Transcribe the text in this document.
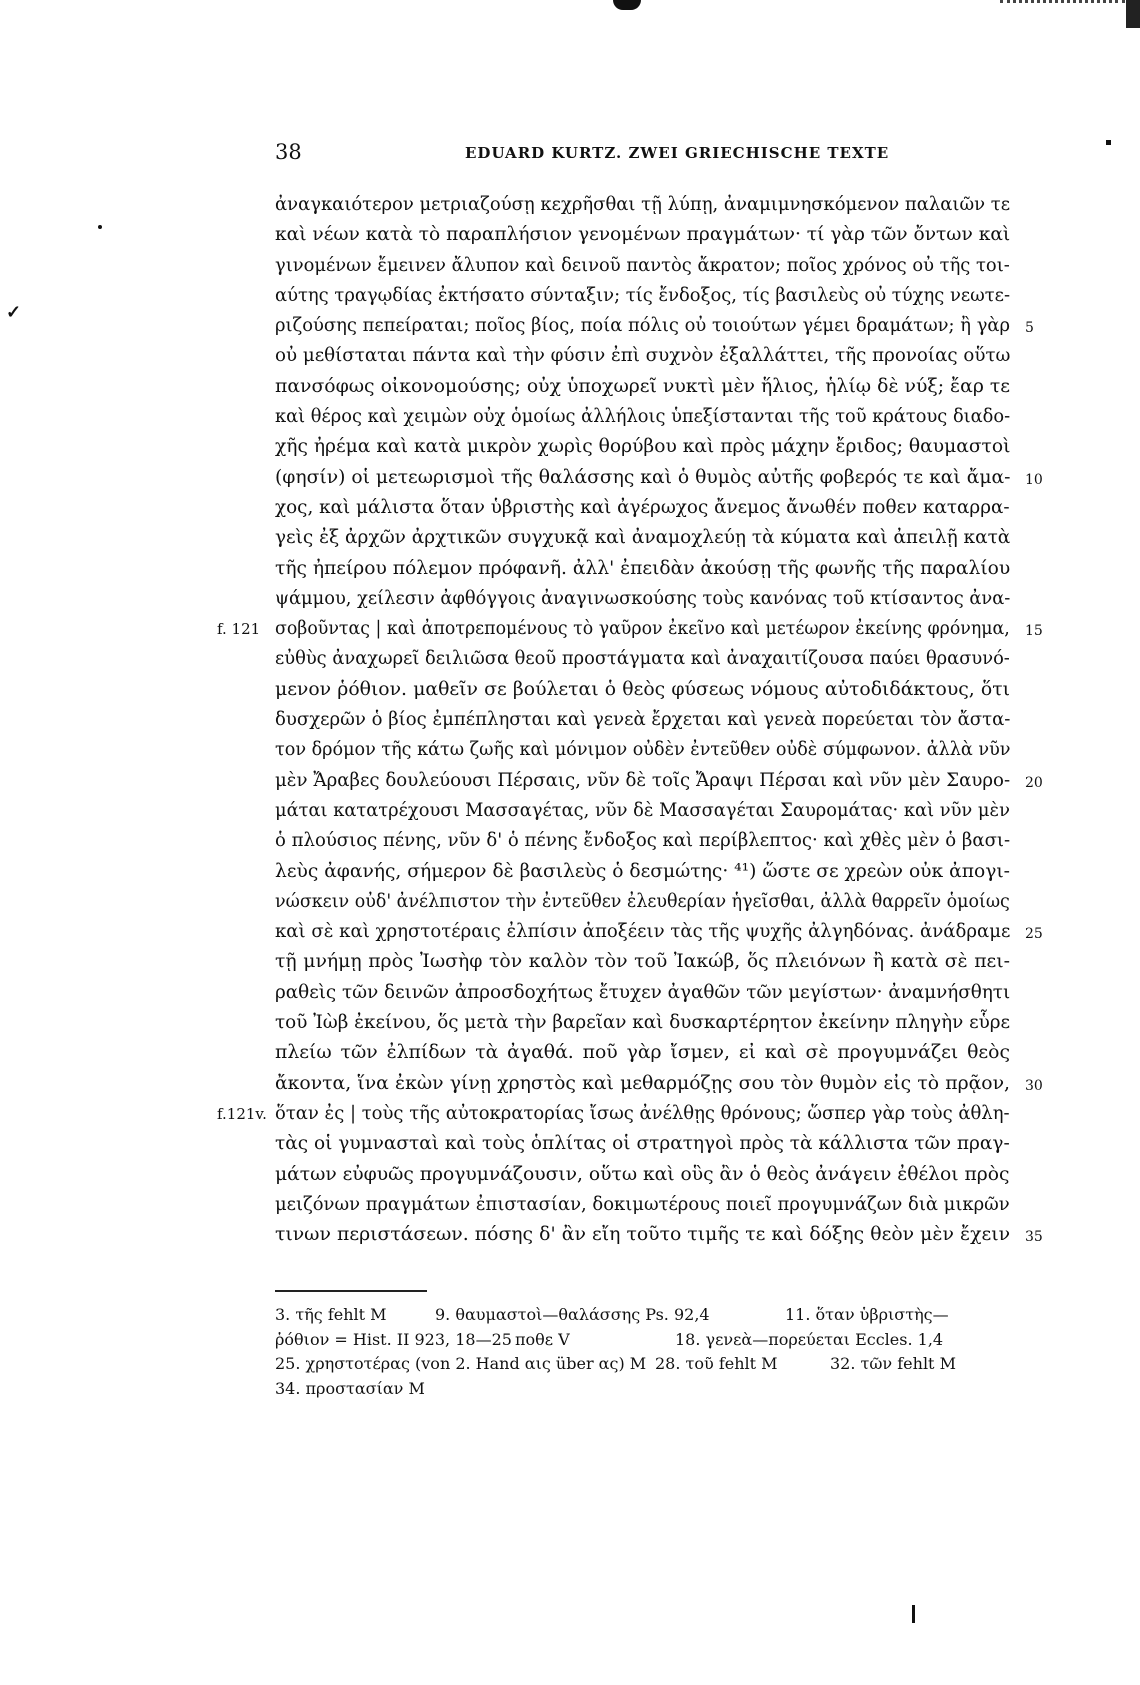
✓
38	EDUARD KURTZ. ZWEI GRIECHISCHE TEXTE
ἀναγκαιότερον μετριαζούσῃ κεχρῆσθαι τῇ λύπῃ, ἀναμιμνησκόμενον παλαιῶν τε
καὶ νέων κατὰ τὸ παραπλήσιον γενομένων πραγμάτων· τί γὰρ τῶν ὄντων καὶ
γινομένων ἔμεινεν ἄλυπον καὶ δεινοῦ παντὸς ἄκρατον; ποῖος χρόνος οὐ τῆς τοι-
αύτης τραγῳδίας ἐκτήσατο σύνταξιν; τίς ἔνδοξος, τίς βασιλεὺς οὐ τύχης νεωτε-
ριζούσης πεπείραται; ποῖος βίος, ποία πόλις οὐ τοιούτων γέμει δραμάτων; ἢ γὰρ 5
οὐ μεθίσταται πάντα καὶ τὴν φύσιν ἐπὶ συχνὸν ἐξαλλάττει, τῆς προνοίας οὕτω
πανσόφως οἰκονομούσης; οὐχ ὑποχωρεῖ νυκτὶ μὲν ἥλιος, ἡλίῳ δὲ νύξ; ἔαρ τε
καὶ θέρος καὶ χειμὼν οὐχ ὁμοίως ἀλλήλοις ὑπεξίστανται τῆς τοῦ κράτους διαδο-
χῆς ἠρέμα καὶ κατὰ μικρὸν χωρὶς θορύβου καὶ πρὸς μάχην ἔριδος; θαυμαστοὶ
(φησίν) οἱ μετεωρισμοὶ τῆς θαλάσσης καὶ ὁ θυμὸς αὐτῆς φοβερός τε καὶ ἄμα- 10
χος, καὶ μάλιστα ὅταν ὑβριστὴς καὶ ἀγέρωχος ἄνεμος ἄνωθέν ποθεν καταρρα-
γεὶς ἐξ ἀρχῶν ἀρχτικῶν συγχυκᾷ καὶ ἀναμοχλεύῃ τὰ κύματα καὶ ἀπειλῇ κατὰ
τῆς ἠπείρου πόλεμον πρόφανῆ. ἀλλ' ἐπειδὰν ἀκούσῃ τῆς φωνῆς τῆς παραλίου
ψάμμου, χείλεσιν ἀφθόγγοις ἀναγινωσκούσης τοὺς κανόνας τοῦ κτίσαντος ἀνα-
σοβοῦντας | καὶ ἀποτρεπομένους τὸ γαῦρον ἐκεῖνο καὶ μετέωρον ἐκείνης φρόνημα,
f. 121	15
εὐθὺς ἀναχωρεῖ δειλιῶσα θεοῦ προστάγματα καὶ ἀναχαιτίζουσα παύει θρασυνό-
μενον ῥόθιον. μαθεῖν σε βούλεται ὁ θεὸς φύσεως νόμους αὐτοδιδάκτους, ὅτι
δυσχερῶν ὁ βίος ἐμπέπλησται καὶ γενεὰ ἔρχεται καὶ γενεὰ πορεύεται τὸν ἄστα-
τον δρόμον τῆς κάτω ζωῆς καὶ μόνιμον οὐδὲν ἐντεῦθεν οὐδὲ σύμφωνον. ἀλλὰ νῦν
μὲν Ἄραβες δουλεύουσι Πέρσαις, νῦν δὲ τοῖς Ἄραψι Πέρσαι καὶ νῦν μὲν Σαυρο- 20
μάται κατατρέχουσι Μασσαγέτας, νῦν δὲ Μασσαγέται Σαυρομάτας· καὶ νῦν μὲν
ὁ πλούσιος πένης, νῦν δ' ὁ πένης ἔνδοξος καὶ περίβλεπτος· καὶ χθὲς μὲν ὁ βασι-
λεὺς ἀφανής, σήμερον δὲ βασιλεὺς ὁ δεσμώτης· ⁴¹) ὥστε σε χρεὼν οὐκ ἀπογι-
νώσκειν οὐδ' ἀνέλπιστον τὴν ἐντεῦθεν ἐλευθερίαν ἡγεῖσθαι, ἀλλὰ θαρρεῖν ὁμοίως
καὶ σὲ καὶ χρηστοτέραις ἐλπίσιν ἀποξέειν τὰς τῆς ψυχῆς ἀλγηδόνας. ἀνάδραμε 25
τῇ μνήμῃ πρὸς Ἰωσὴφ τὸν καλὸν τὸν τοῦ Ἰακώβ, ὅς πλειόνων ἢ κατὰ σὲ πει-
ραθεὶς τῶν δεινῶν ἀπροσδοχήτως ἔτυχεν ἀγαθῶν τῶν μεγίστων· ἀναμνήσθητι
τοῦ Ἰὼβ ἐκείνου, ὅς μετὰ τὴν βαρεῖαν καὶ δυσκαρτέρητον ἐκείνην πληγὴν εὗρε
πλείω τῶν ἐλπίδων τὰ ἀγαθά. ποῦ γὰρ ἴσμεν, εἰ καὶ σὲ προγυμνάζει θεὸς
ἄκοντα, ἵνα ἐκὼν γίνῃ χρηστὸς καὶ μεθαρμόζῃς σου τὸν θυμὸν εἰς τὸ πρᾷον, 30
ὅταν ἐς | τοὺς τῆς αὐτοκρατορίας ἴσως ἀνέλθῃς θρόνους; ὥσπερ γὰρ τοὺς ἀθλη-
f.121v.
τὰς οἱ γυμνασταὶ καὶ τοὺς ὁπλίτας οἱ στρατηγοὶ πρὸς τὰ κάλλιστα τῶν πραγ-
μάτων εὐφυῶς προγυμνάζουσιν, οὕτω καὶ οὓς ἂν ὁ θεὸς ἀνάγειν ἐθέλοι πρὸς
μειζόνων πραγμάτων ἐπιστασίαν, δοκιμωτέρους ποιεῖ προγυμνάζων διὰ μικρῶν
τινων περιστάσεων. πόσης δ' ἂν εἴη τοῦτο τιμῆς τε καὶ δόξης θεὸν μὲν ἔχειν 35
3. τῆς fehlt M	9. θαυμαστοὶ—θαλάσσης Ps. 92,4	11. ὅταν ὑβριστὴς—
ῥόθιον = Hist. II 923, 18—25 ποθε V	18. γενεὰ—πορεύεται Eccles. 1,4
25. χρηστοτέρας (von 2. Hand αις über ας) M 28. τοῦ fehlt M	32. τῶν fehlt M
34. προστασίαν M
